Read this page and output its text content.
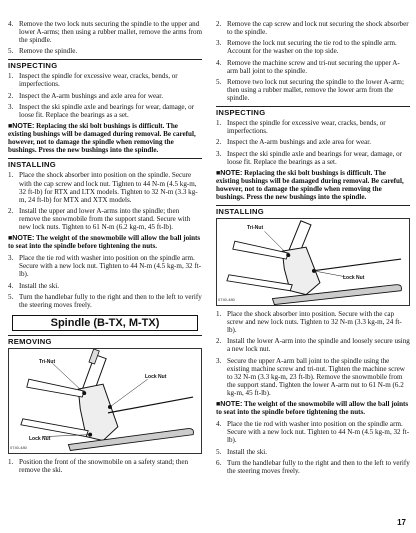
4. Remove the two lock nuts securing the spindle to the upper and lower A-arms; then using a rubber mallet, remove the arms from the spindle.
5. Remove the spindle.
INSPECTING
1. Inspect the spindle for excessive wear, cracks, bends, or imperfections.
2. Inspect the A-arm bushings and axle area for wear.
3. Inspect the ski spindle axle and bearings for wear, damage, or loose fit. Replace the bearings as a set.

■NOTE: Replacing the ski bolt bushings is difficult. The existing bushings will be damaged during removal. Be careful, however, not to damage the spindle when removing the bushings. Press the new bushings into the spindle.

INSTALLING
1. Place the shock absorber into position on the spindle. Secure with the cap screw and lock nut. Tighten to 44 N-m (4.5 kg-m, 32 ft-lb) for RTX and LTX models. Tighten to 32 N-m (3.3 kg-m, 24 ft-lb) for MTX and XTX models.
2. Install the upper and lower A-arms into the spindle; then remove the snowmobile from the support stand. Secure with new lock nuts. Tighten to 61 N-m (6.2 kg-m, 45 ft-lb).

■NOTE: The weight of the snowmobile will allow the ball joints to seat into the spindle before tightening the nuts.

3. Place the tie rod with washer into position on the spindle arm. Secure with a new lock nut. Tighten to 44 N-m (4.5 kg-m, 32 ft-lb).
4. Install the ski.
5. Turn the handlebar fully to the right and then to the left to verify the steering moves freely.
Spindle (B-TX, M-TX)
REMOVING
Tri-Nut
Lock Nut
Lock Nut
0740-480
1. Position the front of the snowmobile on a safety stand; then remove the ski.
2. Remove the cap screw and lock nut securing the shock absorber to the spindle.
3. Remove the lock nut securing the tie rod to the spindle arm. Account for the washer on the top side.
4. Remove the machine screw and tri-nut securing the upper A-arm ball joint to the spindle.
5. Remove two lock nut securing the spindle to the lower A-arm; then using a rubber mallet, remove the lower arm from the spindle.
INSPECTING
1. Inspect the spindle for excessive wear, cracks, bends, or imperfections.
2. Inspect the A-arm bushings and axle area for wear.
3. Inspect the ski spindle axle and bearings for wear, damage, or loose fit. Replace the bearings as a set.

■NOTE: Replacing the ski bolt bushings is difficult. The existing bushings will be damaged during removal. Be careful, however, not to damage the spindle when removing the bushings. Press the new bushings into the spindle.

INSTALLING
Tri-Nut
Lock Nut
0740-480
1. Place the shock absorber into position. Secure with the cap screw and new lock nuts. Tighten to 32 N-m (3.3 kg-m, 24 ft-lb).
2. Install the lower A-arm into the spindle and loosely secure using a new lock nut.
3. Secure the upper A-arm ball joint to the spindle using the existing machine screw and tri-nut. Tighten the machine screw to 32 N-m (3.3 kg-m, 23 ft-lb). Remove the snowmobile from the support stand. Tighten the lower A-arm nut to 61 N-m (6.2 kg-m, 45 ft-lb).

■NOTE: The weight of the snowmobile will allow the ball joints to seat into the spindle before tightening the nuts.

4. Place the tie rod with washer into position on the spindle arm. Secure with a new lock nut. Tighten to 44 N-m (4.5 kg-m, 32 ft-lb).
5. Install the ski.
6. Turn the handlebar fully to the right and then to the left to verify the steering moves freely.
17
